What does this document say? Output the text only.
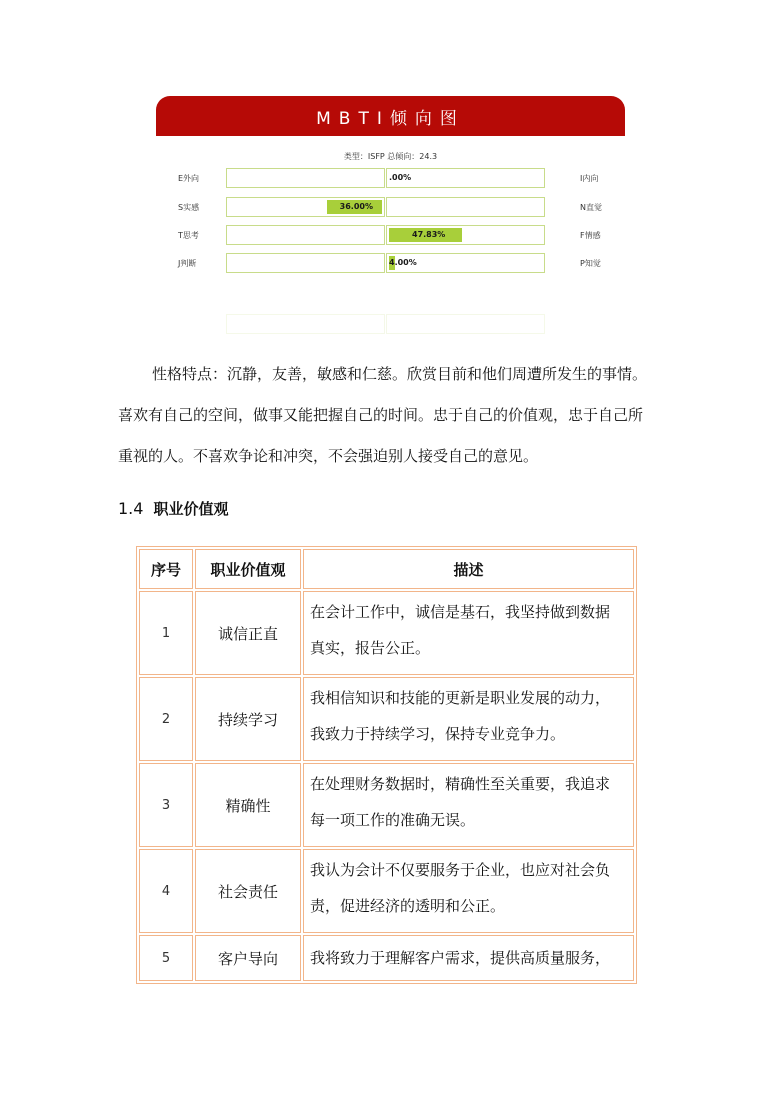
MBTI倾向图
类型：ISFP 总倾向：24.3
E外向	.00%	I内向
S实感	36.00%	N直觉
T思考	47.83%	F情感
J判断	4.00%	P知觉
性格特点：沉静，友善，敏感和仁慈。欣赏目前和他们周遭所发生的事情。
喜欢有自己的空间，做事又能把握自己的时间。忠于自己的价值观，忠于自己所
重视的人。不喜欢争论和冲突，不会强迫别人接受自己的意见。
1.4 职业价值观
序号	职业价值观	描述
1	诚信正直	在会计工作中，诚信是基石，我坚持做到数据
真实，报告公正。

2	持续学习	我相信知识和技能的更新是职业发展的动力，
我致力于持续学习，保持专业竞争力。

3	精确性	在处理财务数据时，精确性至关重要，我追求
每一项工作的准确无误。

4	社会责任	我认为会计不仅要服务于企业，也应对社会负
责，促进经济的透明和公正。

5	客户导向	我将致力于理解客户需求，提供高质量服务，
